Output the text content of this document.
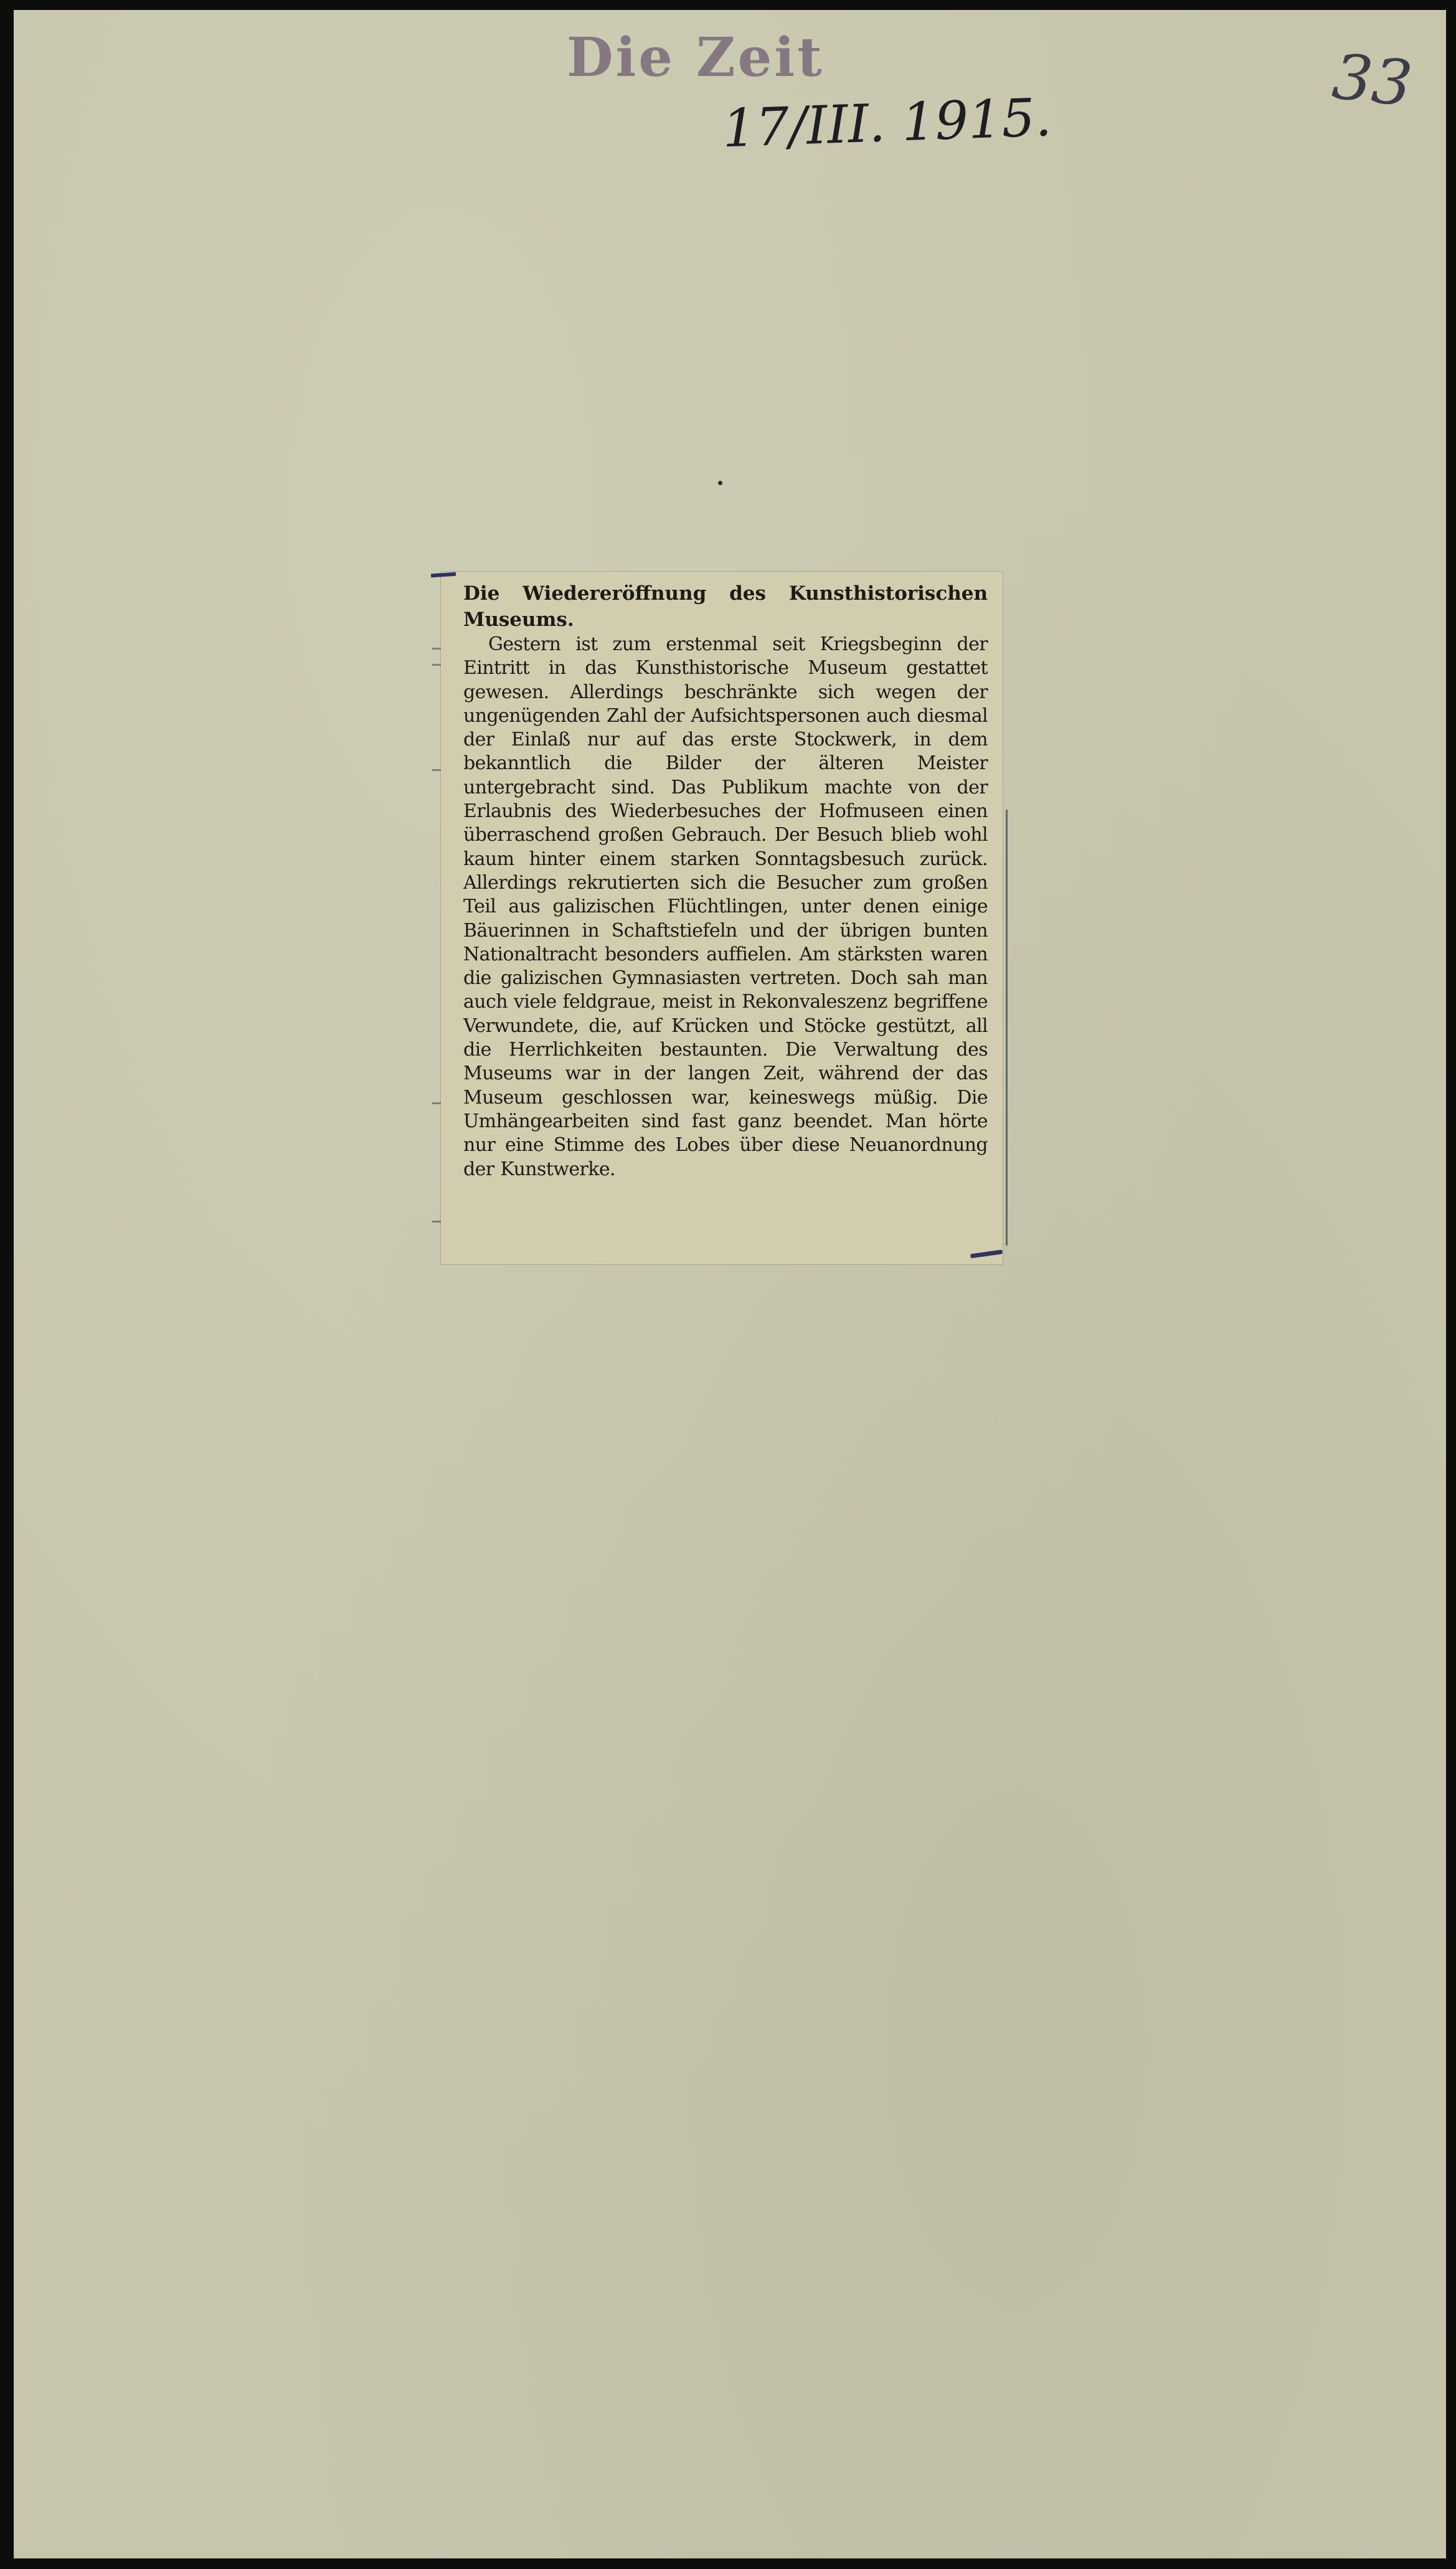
Die Zeit
17/III. 1915.
33

Die Wiedereröffnung des Kunsthistorischen Museums.

Gestern ist zum erstenmal seit Kriegsbeginn der Eintritt in das Kunsthistorische Museum gestattet gewesen. Allerdings beschränkte sich wegen der ungenügenden Zahl der Aufsichtspersonen auch diesmal der Einlaß nur auf das erste Stockwerk, in dem bekanntlich die Bilder der älteren Meister untergebracht sind. Das Publikum machte von der Erlaubnis des Wiederbesuches der Hofmuseen einen überraschend großen Gebrauch. Der Besuch blieb wohl kaum hinter einem starken Sonntagsbesuch zurück. Allerdings rekrutierten sich die Besucher zum großen Teil aus galizischen Flüchtlingen, unter denen einige Bäuerinnen in Schaftstiefeln und der übrigen bunten Nationaltracht besonders auffielen. Am stärksten waren die galizischen Gymnasiasten vertreten. Doch sah man auch viele feldgraue, meist in Rekonvaleszenz begriffene Verwundete, die, auf Krücken und Stöcke gestützt, all die Herrlichkeiten bestaunten. Die Verwaltung des Museums war in der langen Zeit, während der das Museum geschlossen war, keineswegs müßig. Die Umhängearbeiten sind fast ganz beendet. Man hörte nur eine Stimme des Lobes über diese Neuanordnung der Kunstwerke.
